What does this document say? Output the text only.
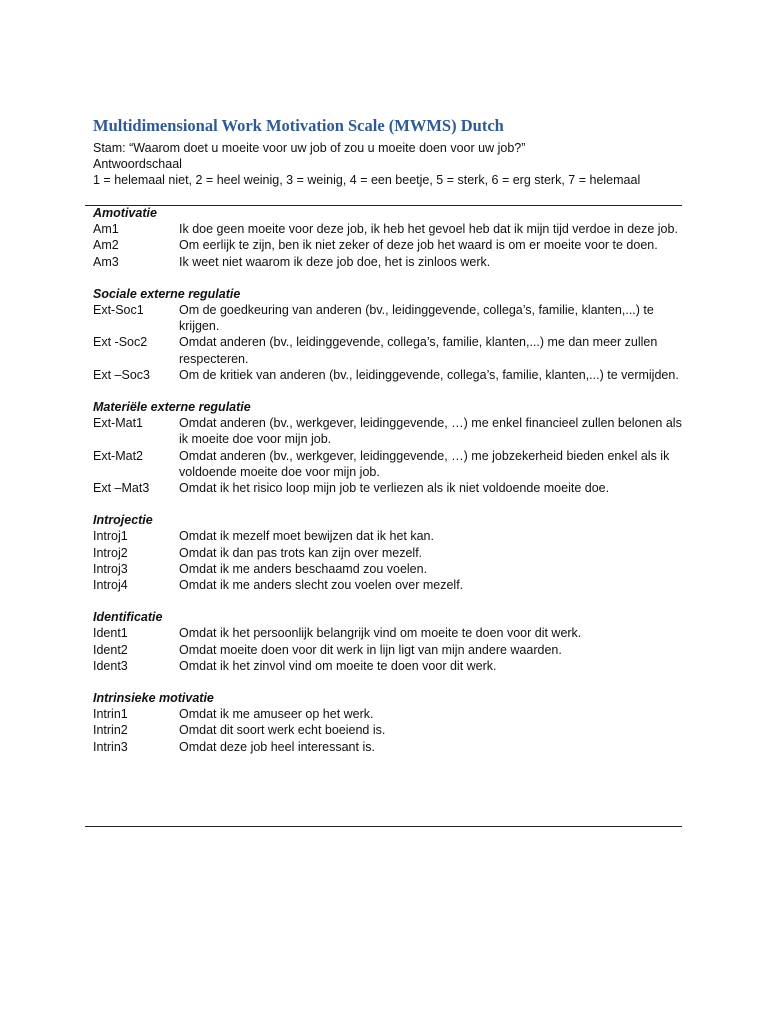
Multidimensional Work Motivation Scale (MWMS) Dutch
Stam: “Waarom doet u moeite voor uw job of zou u moeite doen voor uw job?”
Antwoordschaal
1 = helemaal niet, 2 = heel weinig, 3 = weinig, 4 = een beetje, 5 = sterk, 6 = erg sterk, 7 = helemaal
Amotivatie
Am1	Ik doe geen moeite voor deze job, ik heb het gevoel heb dat ik mijn tijd verdoe in deze job.
Am2	Om eerlijk te zijn, ben ik niet zeker of deze job het waard is om er moeite voor te doen.
Am3	Ik weet niet waarom ik deze job doe, het is zinloos werk.
Sociale externe regulatie
Ext-Soc1	Om de goedkeuring van anderen (bv., leidinggevende, collega’s, familie, klanten,...) te krijgen.
Ext -Soc2	Omdat anderen (bv., leidinggevende, collega’s, familie, klanten,...) me dan meer zullen respecteren.
Ext –Soc3	Om de kritiek van anderen (bv., leidinggevende, collega’s, familie, klanten,...) te vermijden.
Materiële externe regulatie
Ext-Mat1	Omdat anderen (bv., werkgever, leidinggevende, …) me enkel financieel zullen belonen als ik moeite doe voor mijn job.
Ext-Mat2	Omdat anderen (bv., werkgever, leidinggevende, …) me jobzekerheid bieden enkel als ik voldoende moeite doe voor mijn job.
Ext –Mat3	Omdat ik het risico loop mijn job te verliezen als ik niet voldoende moeite doe.
Introjectie
Introj1	Omdat ik mezelf moet bewijzen dat ik het kan.
Introj2	Omdat ik dan pas trots kan zijn over mezelf.
Introj3	Omdat ik me anders beschaamd zou voelen.
Introj4	Omdat ik me anders slecht zou voelen over mezelf.
Identificatie
Ident1	Omdat ik het persoonlijk belangrijk vind om moeite te doen voor dit werk.
Ident2	Omdat moeite doen voor dit werk in lijn ligt van mijn andere waarden.
Ident3	Omdat ik het zinvol vind om moeite te doen voor dit werk.
Intrinsieke motivatie
Intrin1	Omdat ik me amuseer op het werk.
Intrin2	Omdat dit soort werk echt boeiend is.
Intrin3	Omdat deze job heel interessant is.
